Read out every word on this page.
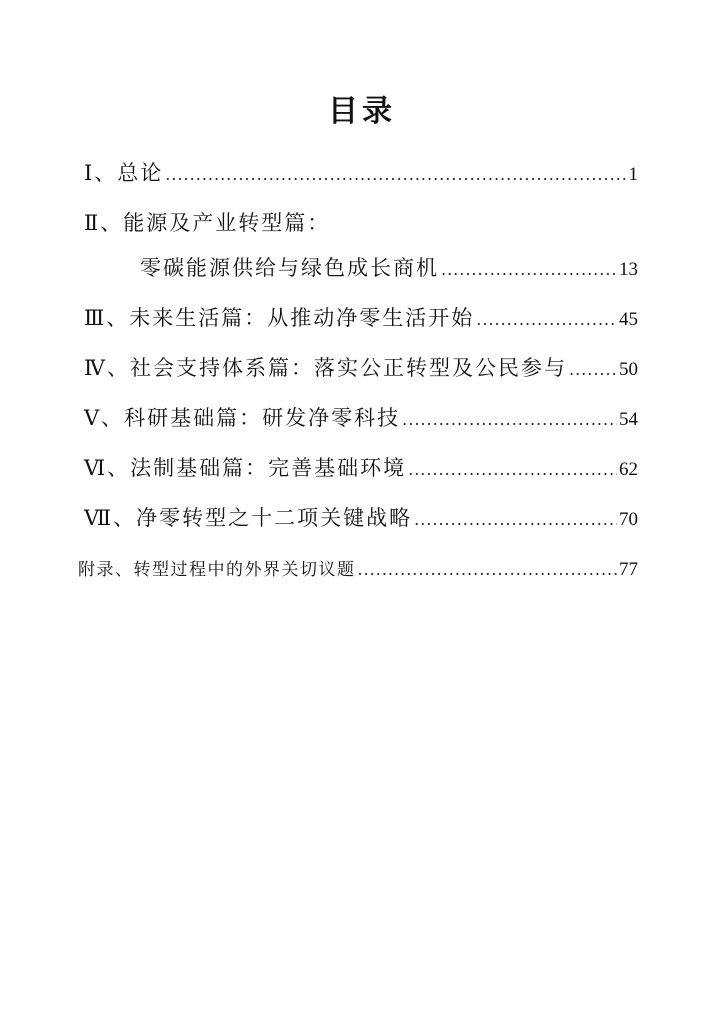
目录
Ⅰ、总论 .....	1
Ⅱ、能源及产业转型篇：
零碳能源供给与绿色成长商机 .....	13
Ⅲ、未来生活篇：从推动净零生活开始 .....	45
Ⅳ、社会支持体系篇：落实公正转型及公民参与 .....	50
Ⅴ、科研基础篇：研发净零科技 .....	54
Ⅵ、法制基础篇：完善基础环境 .....	62
Ⅶ、净零转型之十二项关键战略 .....	70
附录、转型过程中的外界关切议题 .....	77
